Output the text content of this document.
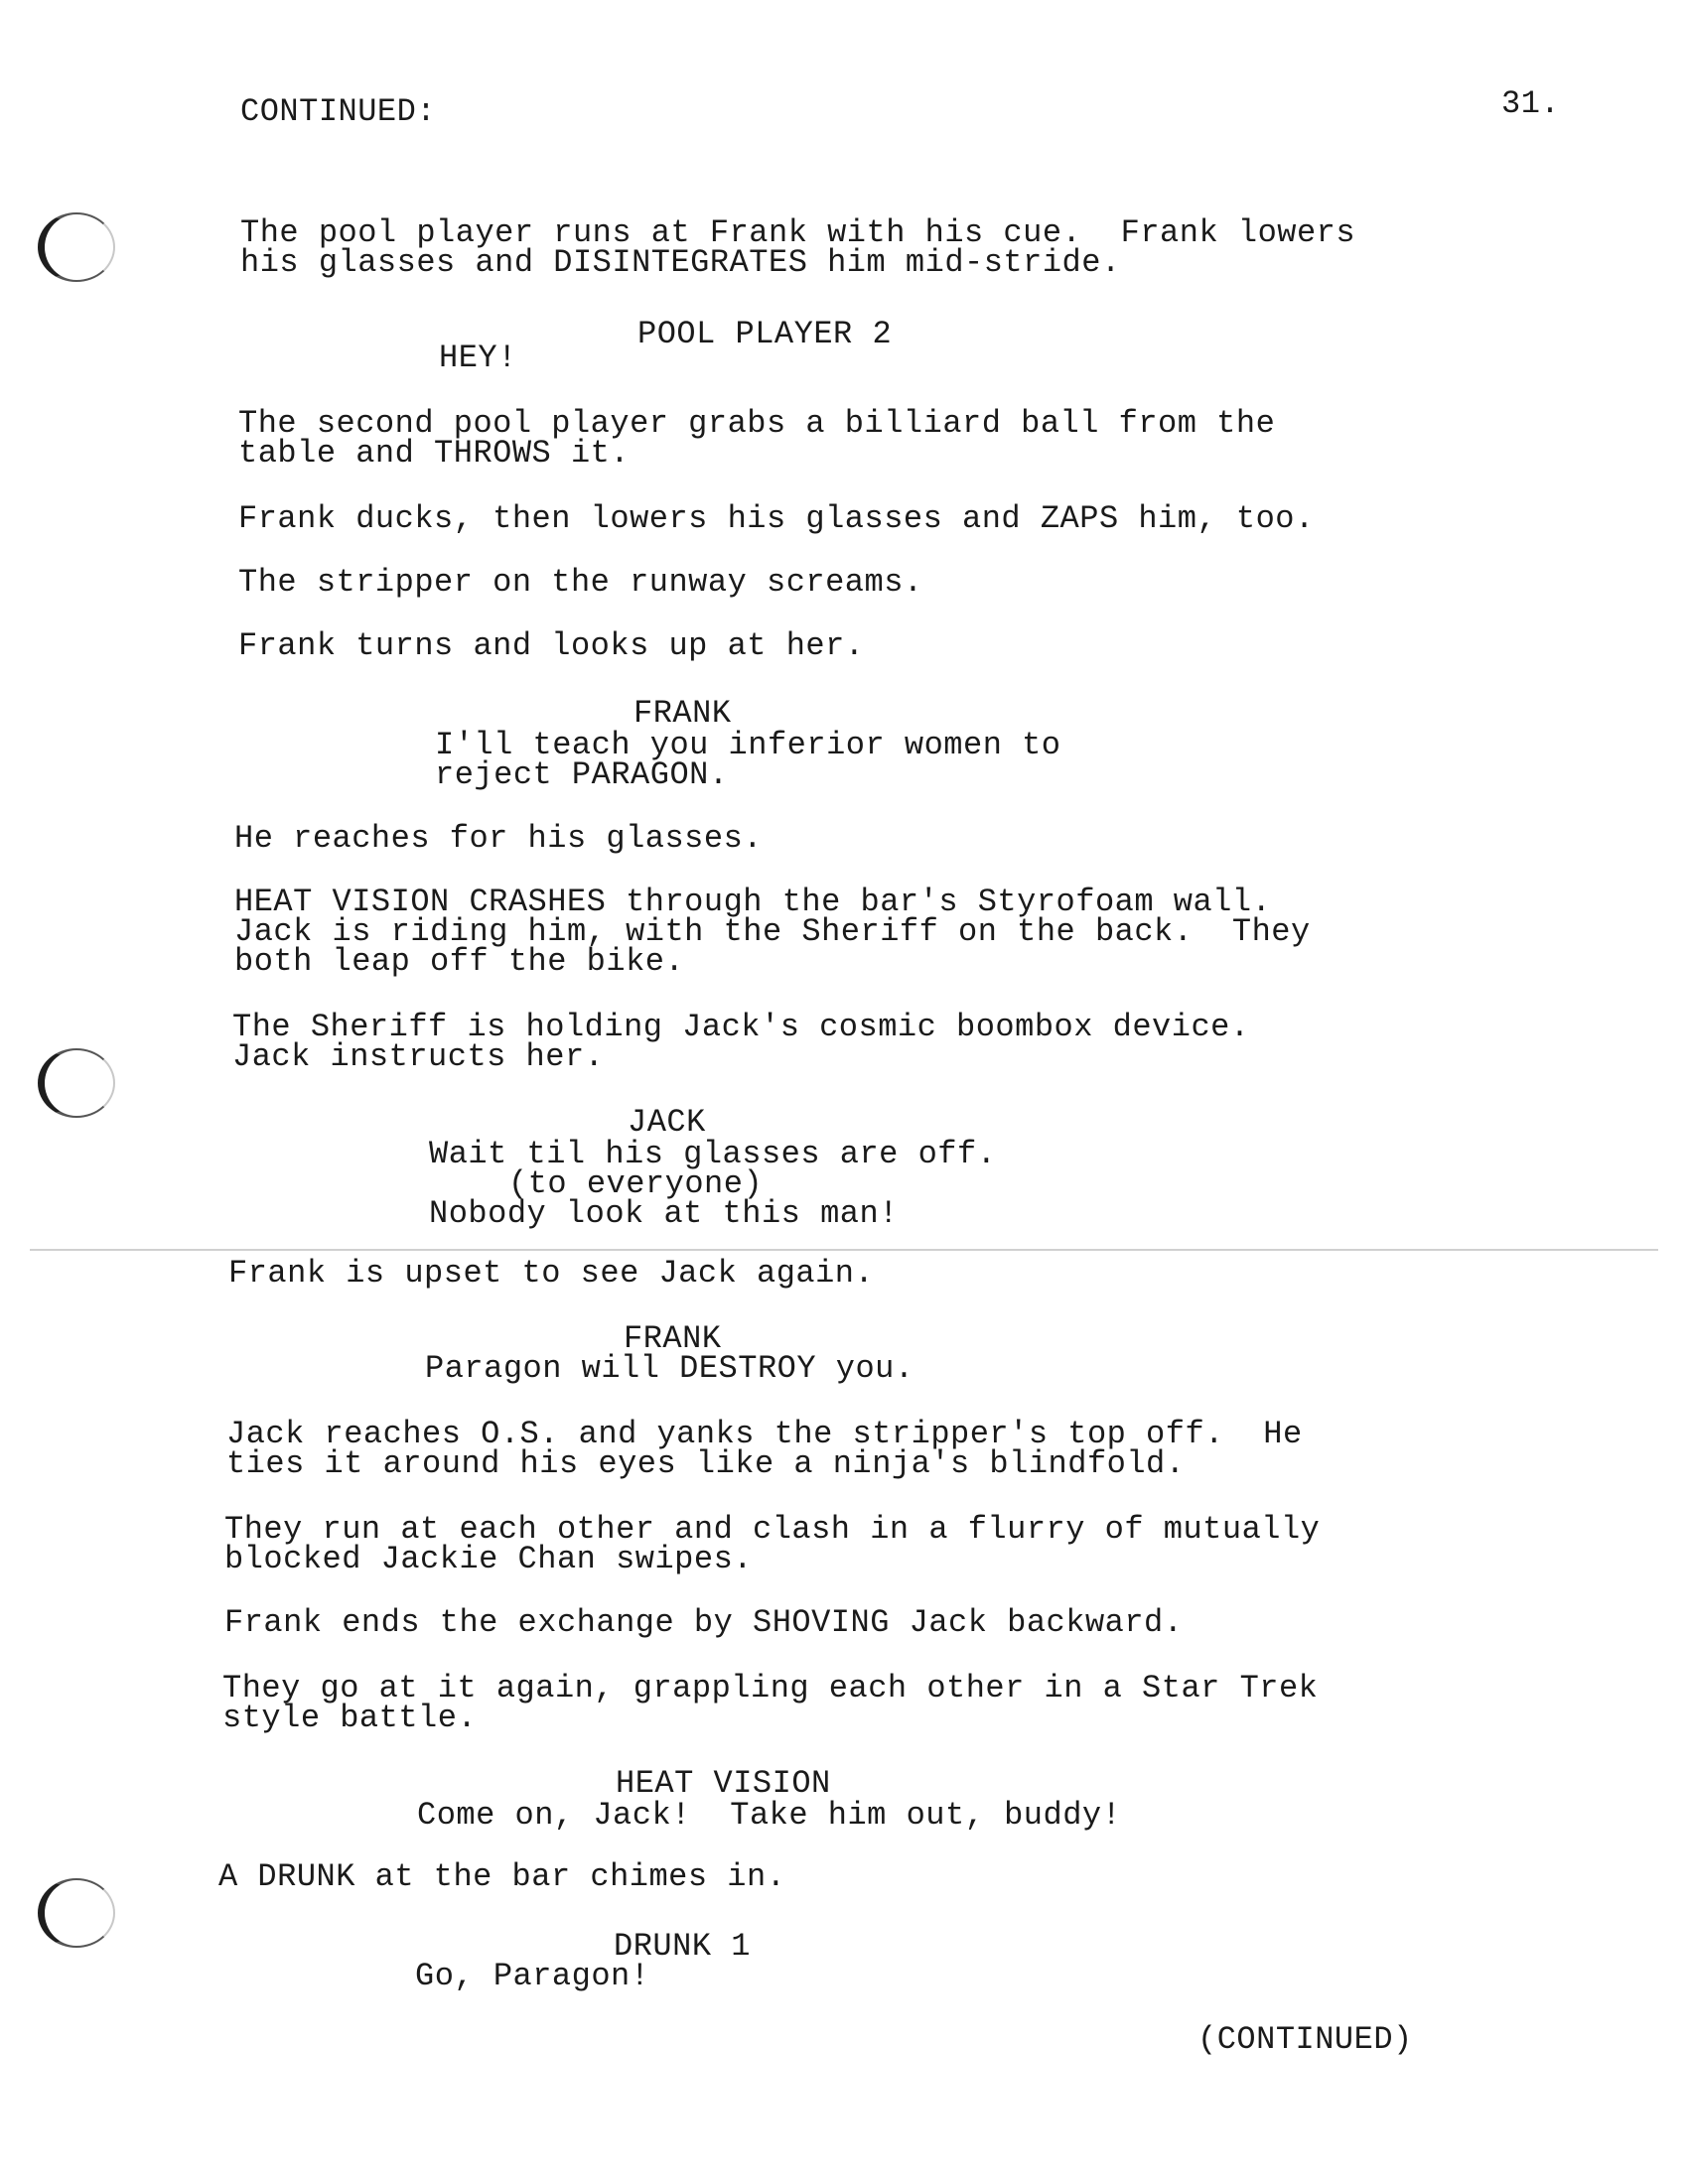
CONTINUED:	31.
The pool player runs at Frank with his cue.  Frank lowers
his glasses and DISINTEGRATES him mid-stride.
POOL PLAYER 2
HEY!
The second pool player grabs a billiard ball from the
table and THROWS it.
Frank ducks, then lowers his glasses and ZAPS him, too.
The stripper on the runway screams.
Frank turns and looks up at her.
FRANK
I'll teach you inferior women to
reject PARAGON.
He reaches for his glasses.
HEAT VISION CRASHES through the bar's Styrofoam wall.
Jack is riding him, with the Sheriff on the back.  They
both leap off the bike.
The Sheriff is holding Jack's cosmic boombox device.
Jack instructs her.
JACK
Wait til his glasses are off.
(to everyone)
Nobody look at this man!
Frank is upset to see Jack again.
FRANK
Paragon will DESTROY you.
Jack reaches O.S. and yanks the stripper's top off.  He
ties it around his eyes like a ninja's blindfold.
They run at each other and clash in a flurry of mutually
blocked Jackie Chan swipes.
Frank ends the exchange by SHOVING Jack backward.
They go at it again, grappling each other in a Star Trek
style battle.
HEAT VISION
Come on, Jack!  Take him out, buddy!
A DRUNK at the bar chimes in.
DRUNK 1
Go, Paragon!
(CONTINUED)
